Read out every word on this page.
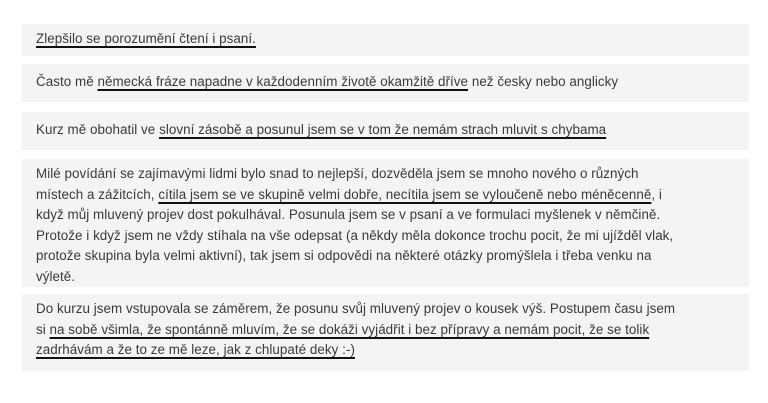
Zlepšilo se porozumění čtení i psaní.

Často mě německá fráze napadne v každodenním životě okamžitě dříve než česky nebo anglicky

Kurz mě obohatil ve slovní zásobě a posunul jsem se v tom že nemám strach mluvit s chybama

Milé povídání se zajímavými lidmi bylo snad to nejlepší, dozvěděla jsem se mnoho nového o různých

místech a zážitcích, cítila jsem se ve skupině velmi dobře, necítila jsem se vyloučeně nebo méněcenně, i

když můj mluvený projev dost pokulhával. Posunula jsem se v psaní a ve formulaci myšlenek v němčině.

Protože i když jsem ne vždy stíhala na vše odepsat (a někdy měla dokonce trochu pocit, že mi ujížděl vlak,

protože skupina byla velmi aktivní), tak jsem si odpovědi na některé otázky promýšlela i třeba venku na

výletě.

Do kurzu jsem vstupovala se záměrem, že posunu svůj mluvený projev o kousek výš. Postupem času jsem

si na sobě všimla, že spontánně mluvím, že se dokáži vyjádřit i bez přípravy a nemám pocit, že se tolik

zadrhávám a že to ze mě leze, jak z chlupaté deky :-)
